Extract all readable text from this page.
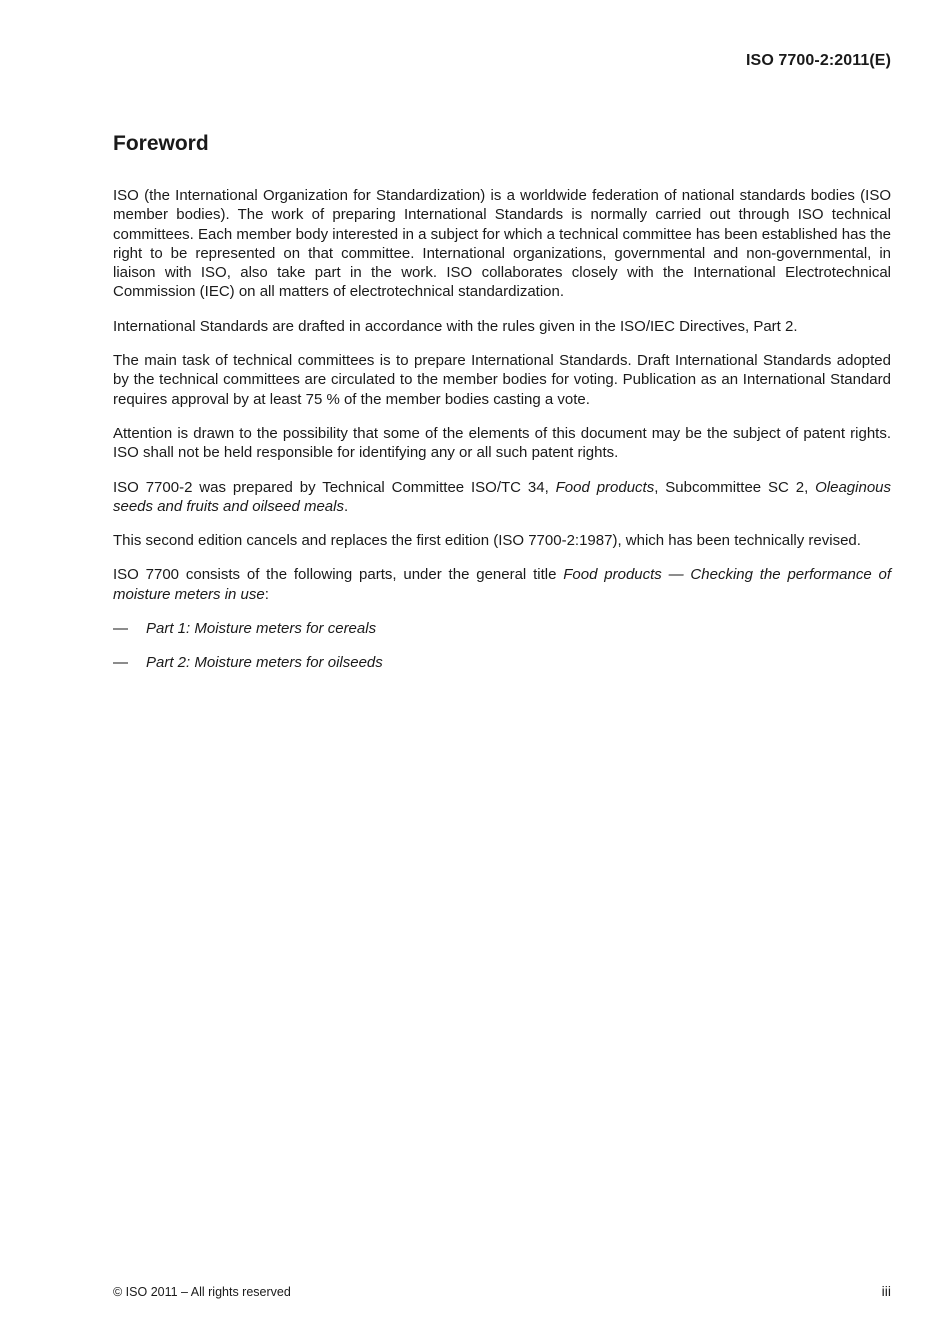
ISO 7700-2:2011(E)
Foreword

ISO (the International Organization for Standardization) is a worldwide federation of national standards bodies (ISO member bodies). The work of preparing International Standards is normally carried out through ISO technical committees. Each member body interested in a subject for which a technical committee has been established has the right to be represented on that committee. International organizations, governmental and non-governmental, in liaison with ISO, also take part in the work. ISO collaborates closely with the International Electrotechnical Commission (IEC) on all matters of electrotechnical standardization.

International Standards are drafted in accordance with the rules given in the ISO/IEC Directives, Part 2.

The main task of technical committees is to prepare International Standards. Draft International Standards adopted by the technical committees are circulated to the member bodies for voting. Publication as an International Standard requires approval by at least 75 % of the member bodies casting a vote.

Attention is drawn to the possibility that some of the elements of this document may be the subject of patent rights. ISO shall not be held responsible for identifying any or all such patent rights.

ISO 7700-2 was prepared by Technical Committee ISO/TC 34, Food products, Subcommittee SC 2, Oleaginous seeds and fruits and oilseed meals.

This second edition cancels and replaces the first edition (ISO 7700-2:1987), which has been technically revised.

ISO 7700 consists of the following parts, under the general title Food products — Checking the performance of moisture meters in use:

— Part 1: Moisture meters for cereals
— Part 2: Moisture meters for oilseeds
© ISO 2011 – All rights reserved	iii
